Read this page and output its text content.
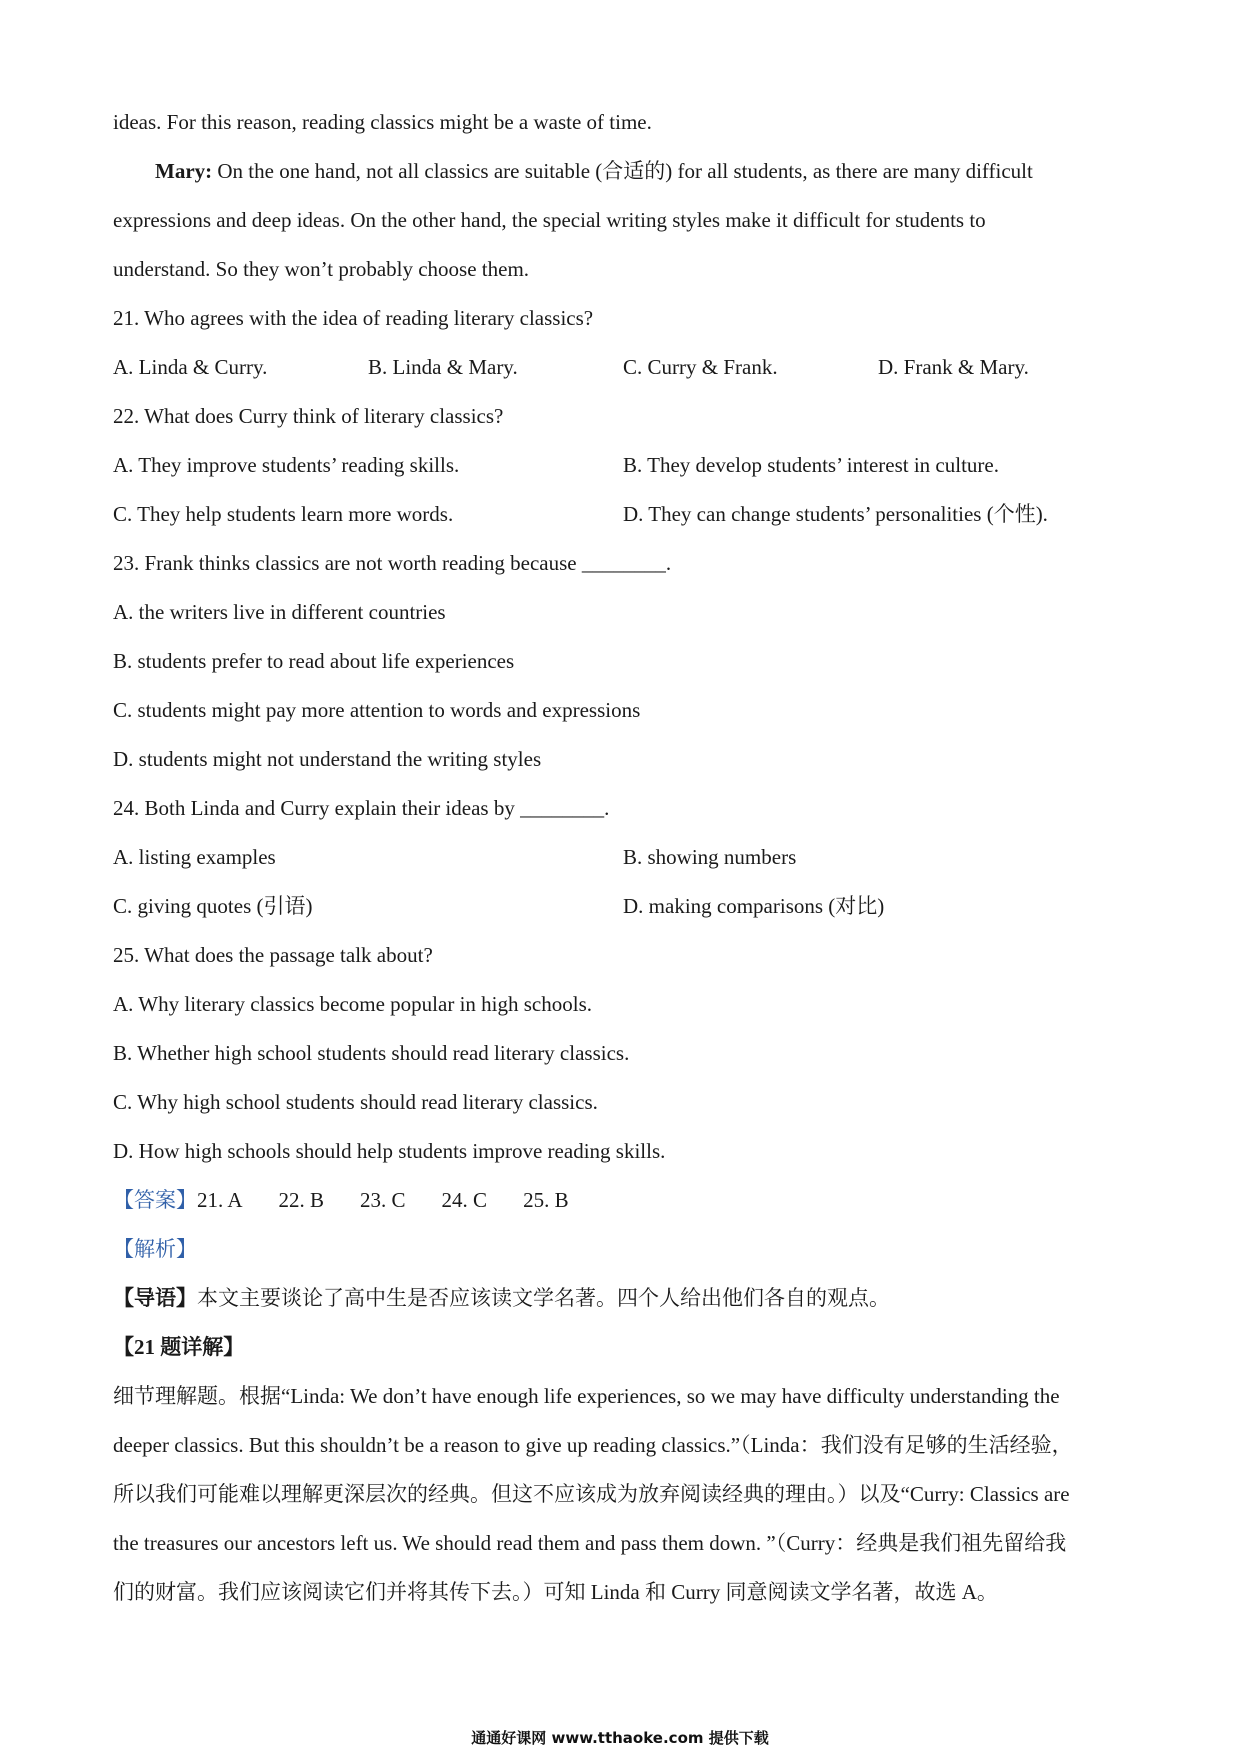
ideas. For this reason, reading classics might be a waste of time.
Mary: On the one hand, not all classics are suitable (合适的) for all students, as there are many difficult
expressions and deep ideas. On the other hand, the special writing styles make it difficult for students to
understand. So they won’t probably choose them.
21. Who agrees with the idea of reading literary classics?
A. Linda & Curry.	B. Linda & Mary.	C. Curry & Frank.	D. Frank & Mary.
22. What does Curry think of literary classics?
A. They improve students’ reading skills.	B. They develop students’ interest in culture.
C. They help students learn more words.	D. They can change students’ personalities (个性).
23. Frank thinks classics are not worth reading because ________.
A. the writers live in different countries
B. students prefer to read about life experiences
C. students might pay more attention to words and expressions
D. students might not understand the writing styles
24. Both Linda and Curry explain their ideas by ________.
A. listing examples	B. showing numbers
C. giving quotes (引语)	D. making comparisons (对比)
25. What does the passage talk about?
A. Why literary classics become popular in high schools.
B. Whether high school students should read literary classics.
C. Why high school students should read literary classics.
D. How high schools should help students improve reading skills.
【答案】 21. A 22. B 23. C 24. C 25. B
【解析】
【导语】本文主要谈论了高中生是否应该读文学名著。四个人给出他们各自的观点。
【21 题详解】
细节理解题。根据“Linda: We don’t have enough life experiences, so we may have difficulty understanding the
deeper classics. But this shouldn’t be a reason to give up reading classics.”（Linda：我们没有足够的生活经验，
所以我们可能难以理解更深层次的经典。但这不应该成为放弃阅读经典的理由。）以及“Curry: Classics are
the treasures our ancestors left us. We should read them and pass them down. ”（Curry：经典是我们祖先留给我
们的财富。我们应该阅读它们并将其传下去。）可知 Linda 和 Curry 同意阅读文学名著，故选 A。
通通好课网 www.tthaoke.com 提供下载
